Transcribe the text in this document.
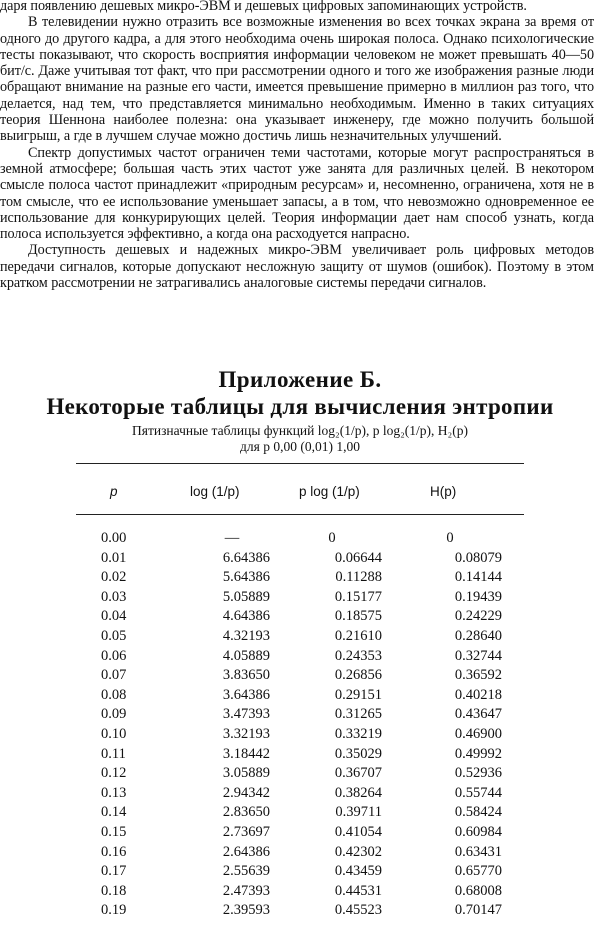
даря появлению дешевых микро-ЭВМ и дешевых цифровых запоминающих устройств.

В телевидении нужно отразить все возможные изменения во всех точках экрана за время от одного до другого кадра, а для этого необходима очень широкая полоса. Однако психологические тесты показывают, что скорость восприятия информации человеком не может превышать 40—50 бит/с. Даже учитывая тот факт, что при рассмотрении одного и того же изображения разные люди обращают внимание на разные его части, имеется превышение примерно в миллион раз того, что делается, над тем, что представляется минимально необходимым. Именно в таких ситуациях теория Шеннона наиболее полезна: она указывает инженеру, где можно получить большой выигрыш, а где в лучшем случае можно достичь лишь незначительных улучшений.

Спектр допустимых частот ограничен теми частотами, которые могут распространяться в земной атмосфере; большая часть этих частот уже занята для различных целей. В некотором смысле полоса частот принадлежит «природным ресурсам» и, несомненно, ограничена, хотя не в том смысле, что ее использование уменьшает запасы, а в том, что невозможно одновременное ее использование для конкурирующих целей. Теория информации дает нам способ узнать, когда полоса используется эффективно, а когда она расходуется напрасно.

Доступность дешевых и надежных микро-ЭВМ увеличивает роль цифровых методов передачи сигналов, которые допускают несложную защиту от шумов (ошибок). Поэтому в этом кратком рассмотрении не затрагивались аналоговые системы передачи сигналов.

Приложение Б.
Некоторые таблицы для вычисления энтропии
Пятизначные таблицы функций log₂(1/p), p log₂(1/p), H₂(p)
для p 0,00 (0,01) 1,00
p	log (1/p)	p log (1/p)	H(p)
0.00	—	0	0
0.01	6.64386	0.06644	0.08079
0.02	5.64386	0.11288	0.14144
0.03	5.05889	0.15177	0.19439
0.04	4.64386	0.18575	0.24229
0.05	4.32193	0.21610	0.28640
0.06	4.05889	0.24353	0.32744
0.07	3.83650	0.26856	0.36592
0.08	3.64386	0.29151	0.40218
0.09	3.47393	0.31265	0.43647
0.10	3.32193	0.33219	0.46900
0.11	3.18442	0.35029	0.49992
0.12	3.05889	0.36707	0.52936
0.13	2.94342	0.38264	0.55744
0.14	2.83650	0.39711	0.58424
0.15	2.73697	0.41054	0.60984
0.16	2.64386	0.42302	0.63431
0.17	2.55639	0.43459	0.65770
0.18	2.47393	0.44531	0.68008
0.19	2.39593	0.45523	0.70147
